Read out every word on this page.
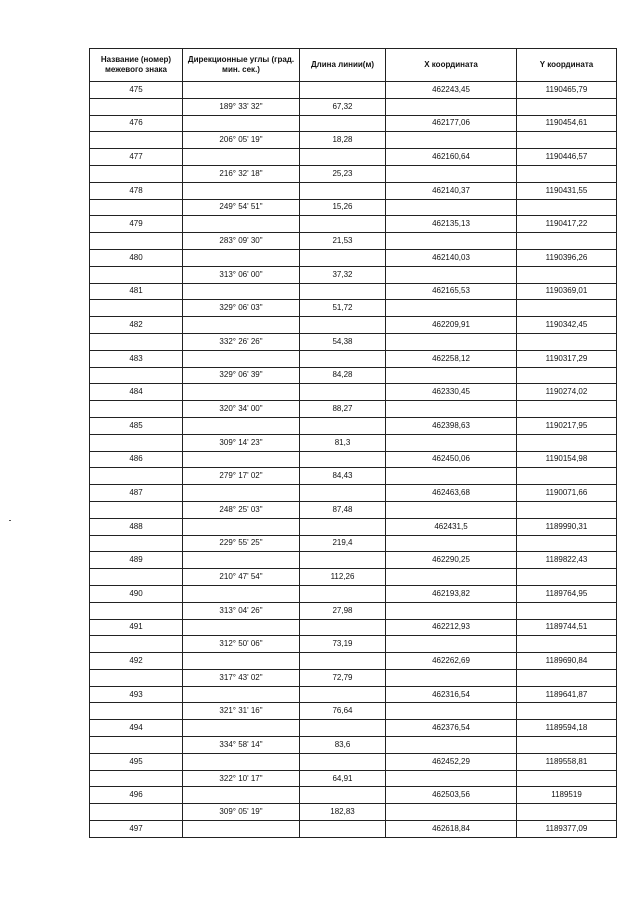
Название (номер) межевого знака	Дирекционные углы (град. мин. сек.)	Длина линии(м)	X координата	Y координата
475			462243,45	1190465,79
	189° 33' 32"	67,32		
476			462177,06	1190454,61
	206° 05' 19"	18,28		
477			462160,64	1190446,57
	216° 32' 18"	25,23		
478			462140,37	1190431,55
	249° 54' 51"	15,26		
479			462135,13	1190417,22
	283° 09' 30"	21,53		
480			462140,03	1190396,26
	313° 06' 00"	37,32		
481			462165,53	1190369,01
	329° 06' 03"	51,72		
482			462209,91	1190342,45
	332° 26' 26"	54,38		
483			462258,12	1190317,29
	329° 06' 39"	84,28		
484			462330,45	1190274,02
	320° 34' 00"	88,27		
485			462398,63	1190217,95
	309° 14' 23"	81,3		
486			462450,06	1190154,98
	279° 17' 02"	84,43		
487			462463,68	1190071,66
	248° 25' 03"	87,48		
488			462431,5	1189990,31
	229° 55' 25"	219,4		
489			462290,25	1189822,43
	210° 47' 54"	112,26		
490			462193,82	1189764,95
	313° 04' 26"	27,98		
491			462212,93	1189744,51
	312° 50' 06"	73,19		
492			462262,69	1189690,84
	317° 43' 02"	72,79		
493			462316,54	1189641,87
	321° 31' 16"	76,64		
494			462376,54	1189594,18
	334° 58' 14"	83,6		
495			462452,29	1189558,81
	322° 10' 17"	64,91		
496			462503,56	1189519
	309° 05' 19"	182,83		
497			462618,84	1189377,09
